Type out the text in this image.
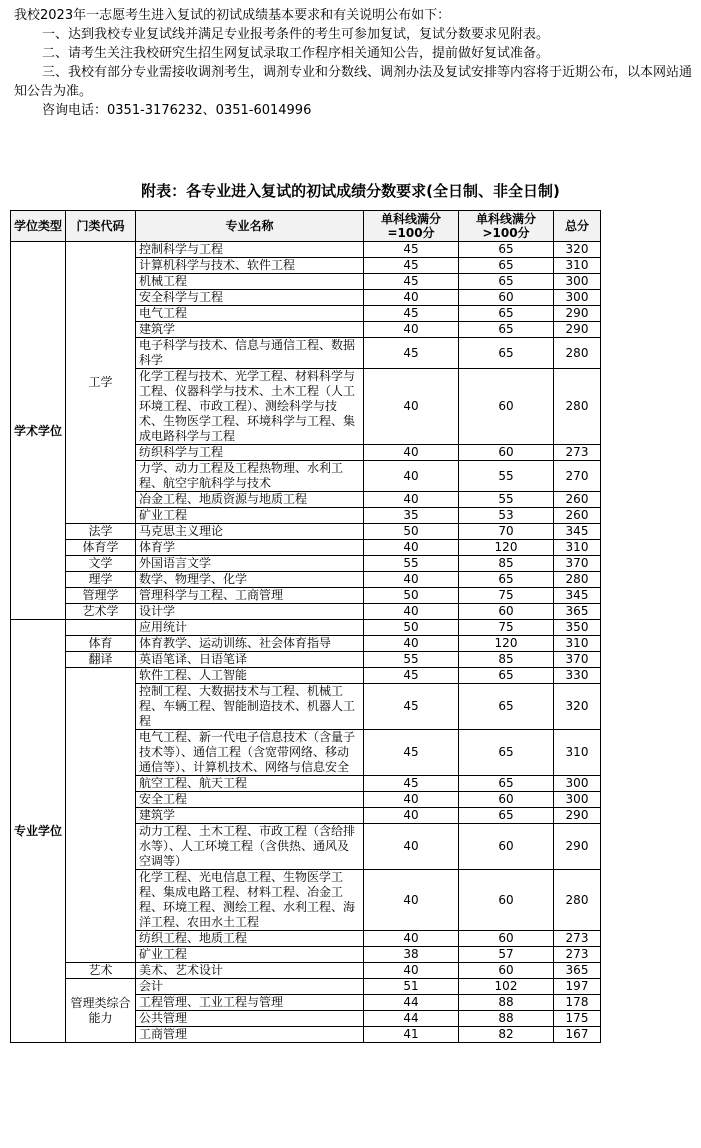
我校2023年一志愿考生进入复试的初试成绩基本要求和有关说明公布如下：

一、达到我校专业复试线并满足专业报考条件的考生可参加复试，复试分数要求见附表。

二、请考生关注我校研究生招生网复试录取工作程序相关通知公告，提前做好复试准备。

三、我校有部分专业需接收调剂考生，调剂专业和分数线、调剂办法及复试安排等内容将于近期公布，以本网站通知公告为准。

咨询电话：0351-3176232、0351-6014996

附表：各专业进入复试的初试成绩分数要求(全日制、非全日制)
学位类型	门类代码	专业名称	单科线满分=100分	单科线满分>100分	总分
学术学位	工学	控制科学与工程	45	65	320
		计算机科学与技术、软件工程	45	65	310
		机械工程	45	65	300
		安全科学与工程	40	60	300
		电气工程	45	65	290
		建筑学	40	65	290
		电子科学与技术、信息与通信工程、数据科学	45	65	280
		化学工程与技术、光学工程、材料科学与工程、仪器科学与技术、土木工程（人工环境工程、市政工程）、测绘科学与技术、生物医学工程、环境科学与工程、集成电路科学与工程	40	60	280
		纺织科学与工程	40	60	273
		力学、动力工程及工程热物理、水利工程、航空宇航科学与技术	40	55	270
		冶金工程、地质资源与地质工程	40	55	260
		矿业工程	35	53	260
	法学	马克思主义理论	50	70	345
	体育学	体育学	40	120	310
	文学	外国语言文学	55	85	370
	理学	数学、物理学、化学	40	65	280
	管理学	管理科学与工程、工商管理	50	75	345
	艺术学	设计学	40	60	365
专业学位		应用统计	50	75	350
	体育	体育教学、运动训练、社会体育指导	40	120	310
	翻译	英语笔译、日语笔译	55	85	370
		软件工程、人工智能	45	65	330
		控制工程、大数据技术与工程、机械工程、车辆工程、智能制造技术、机器人工程	45	65	320
		电气工程、新一代电子信息技术（含量子技术等）、通信工程（含宽带网络、移动通信等）、计算机技术、网络与信息安全	45	65	310
		航空工程、航天工程	45	65	300
		安全工程	40	60	300
		建筑学	40	65	290
		动力工程、土木工程、市政工程（含给排水等）、人工环境工程（含供热、通风及空调等）	40	60	290
		化学工程、光电信息工程、生物医学工程、集成电路工程、材料工程、冶金工程、环境工程、测绘工程、水利工程、海洋工程、农田水土工程	40	60	280
		纺织工程、地质工程	40	60	273
		矿业工程	38	57	273
	艺术	美术、艺术设计	40	60	365
	管理类综合能力	会计	51	102	197
		工程管理、工业工程与管理	44	88	178
		公共管理	44	88	175
		工商管理	41	82	167
